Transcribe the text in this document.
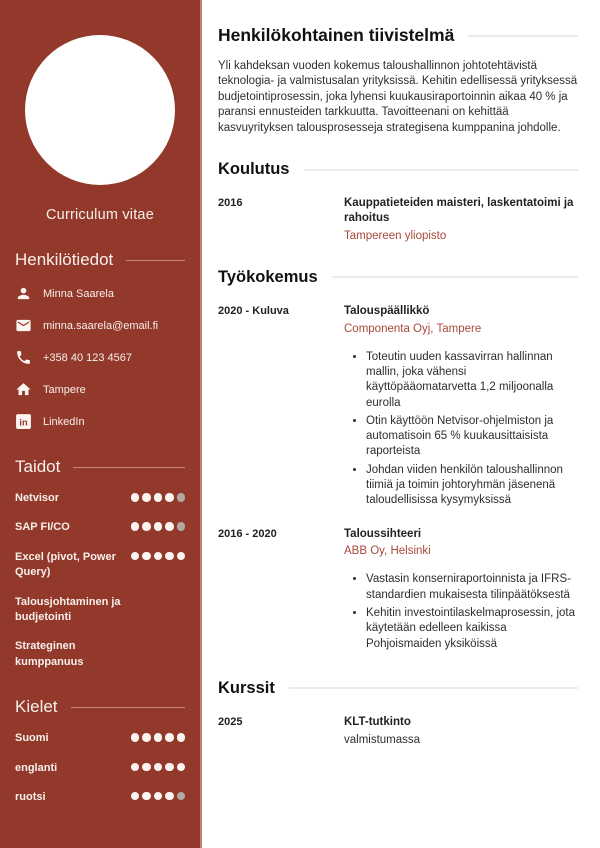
Curriculum vitae
Henkilötiedot
Minna Saarela
minna.saarela@email.fi
+358 40 123 4567
Tampere
in LinkedIn
Taidot
Netvisor
SAP FI/CO
Excel (pivot, Power Query)
Talousjohtaminen ja budjetointi
Strateginen kumppanuus
Kielet
Suomi
englanti
ruotsi
Henkilökohtainen tiivistelmä

Yli kahdeksan vuoden kokemus taloushallinnon johtotehtävistä teknologia- ja valmistusalan yrityksissä. Kehitin edellisessä yrityksessä budjetointiprosessin, joka lyhensi kuukausiraportoinnin aikaa 40 % ja paransi ennusteiden tarkkuutta. Tavoitteenani on kehittää kasvuyrityksen talousprosesseja strategisena kumppanina johdolle.

Koulutus
2016	Kauppatieteiden maisteri, laskentatoimi ja rahoitus
Tampereen yliopisto
Työkokemus
2020 - Kuluva	Talouspäällikkö
Componenta Oyj, Tampere
• Toteutin uuden kassavirran hallinnan mallin, joka vähensi käyttöpääomatarvetta 1,2 miljoonalla eurolla
• Otin käyttöön Netvisor-ohjelmiston ja automatisoin 65 % kuukausittaisista raporteista
• Johdan viiden henkilön taloushallinnon tiimiä ja toimin johtoryhmän jäsenenä taloudellisissa kysymyksissä
2016 - 2020	Taloussihteeri
ABB Oy, Helsinki
• Vastasin konserniraportoinnista ja IFRS-standardien mukaisesta tilinpäätöksestä
• Kehitin investointilaskelmaprosessin, jota käytetään edelleen kaikissa Pohjoismaiden yksiköissä
Kurssit
2025	KLT-tutkinto
valmistumassa
